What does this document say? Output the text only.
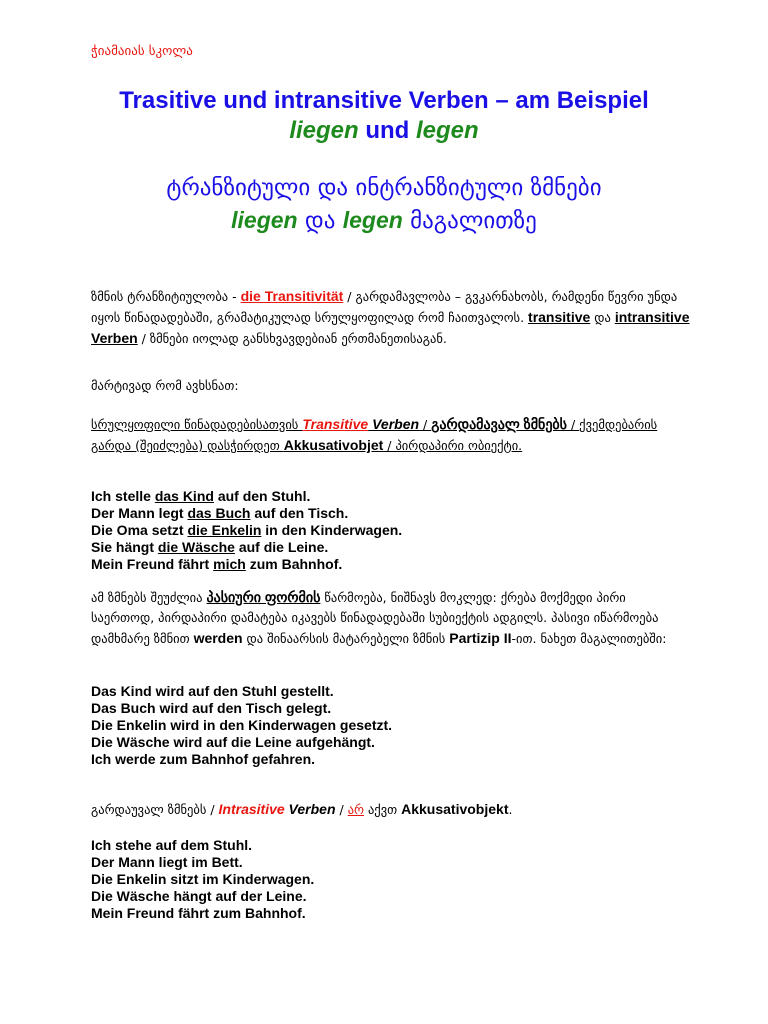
ჭიამაიას სკოლა
Trasitive und intransitive Verben – am Beispiel
liegen und legen
ტრანზიტული და ინტრანზიტული ზმნები
liegen და legen მაგალითზე
ზმნის ტრანზიტიულობა - die Transitivität / გარდამავლობა – გვკარნახობს, რამდენი წევრი უნდა იყოს წინადადებაში, გრამატიკულად სრულყოფილად რომ ჩაითვალოს. transitive და intransitive Verben / ზმნები იოლად განსხვავდებიან ერთმანეთისაგან.
მარტივად რომ ავხსნათ:
სრულყოფილი წინადადებისათვის Transitive Verben / გარდამავალ ზმნებს / ქვემდებარის გარდა (შეიძლება) დასჭირდეთ Akkusativobjet / პირდაპირი ობიექტი.
Ich stelle das Kind auf den Stuhl.
Der Mann legt das Buch auf den Tisch.
Die Oma setzt die Enkelin in den Kinderwagen.
Sie hängt die Wäsche auf die Leine.
Mein Freund fährt mich zum Bahnhof.
ამ ზმნებს შეუძლია პასიური ფორმის წარმოება, ნიშნავს მოკლედ: ქრება მოქმედი პირი საერთოდ, პირდაპირი დამატება იკავებს წინადადებაში სუბიექტის ადგილს. პასივი იწარმოება დამხმარე ზმნით werden და შინაარსის მატარებელი ზმნის Partizip II-ით. ნახეთ მაგალითებში:
Das Kind wird auf den Stuhl gestellt.
Das Buch wird auf den Tisch gelegt.
Die Enkelin wird in den Kinderwagen gesetzt.
Die Wäsche wird auf die Leine aufgehängt.
Ich werde zum Bahnhof gefahren.
გარდაუვალ ზმნებს / Intrasitive Verben / არ აქვთ Akkusativobjekt.
Ich stehe auf dem Stuhl.
Der Mann liegt im Bett.
Die Enkelin sitzt im Kinderwagen.
Die Wäsche hängt auf der Leine.
Mein Freund fährt zum Bahnhof.
